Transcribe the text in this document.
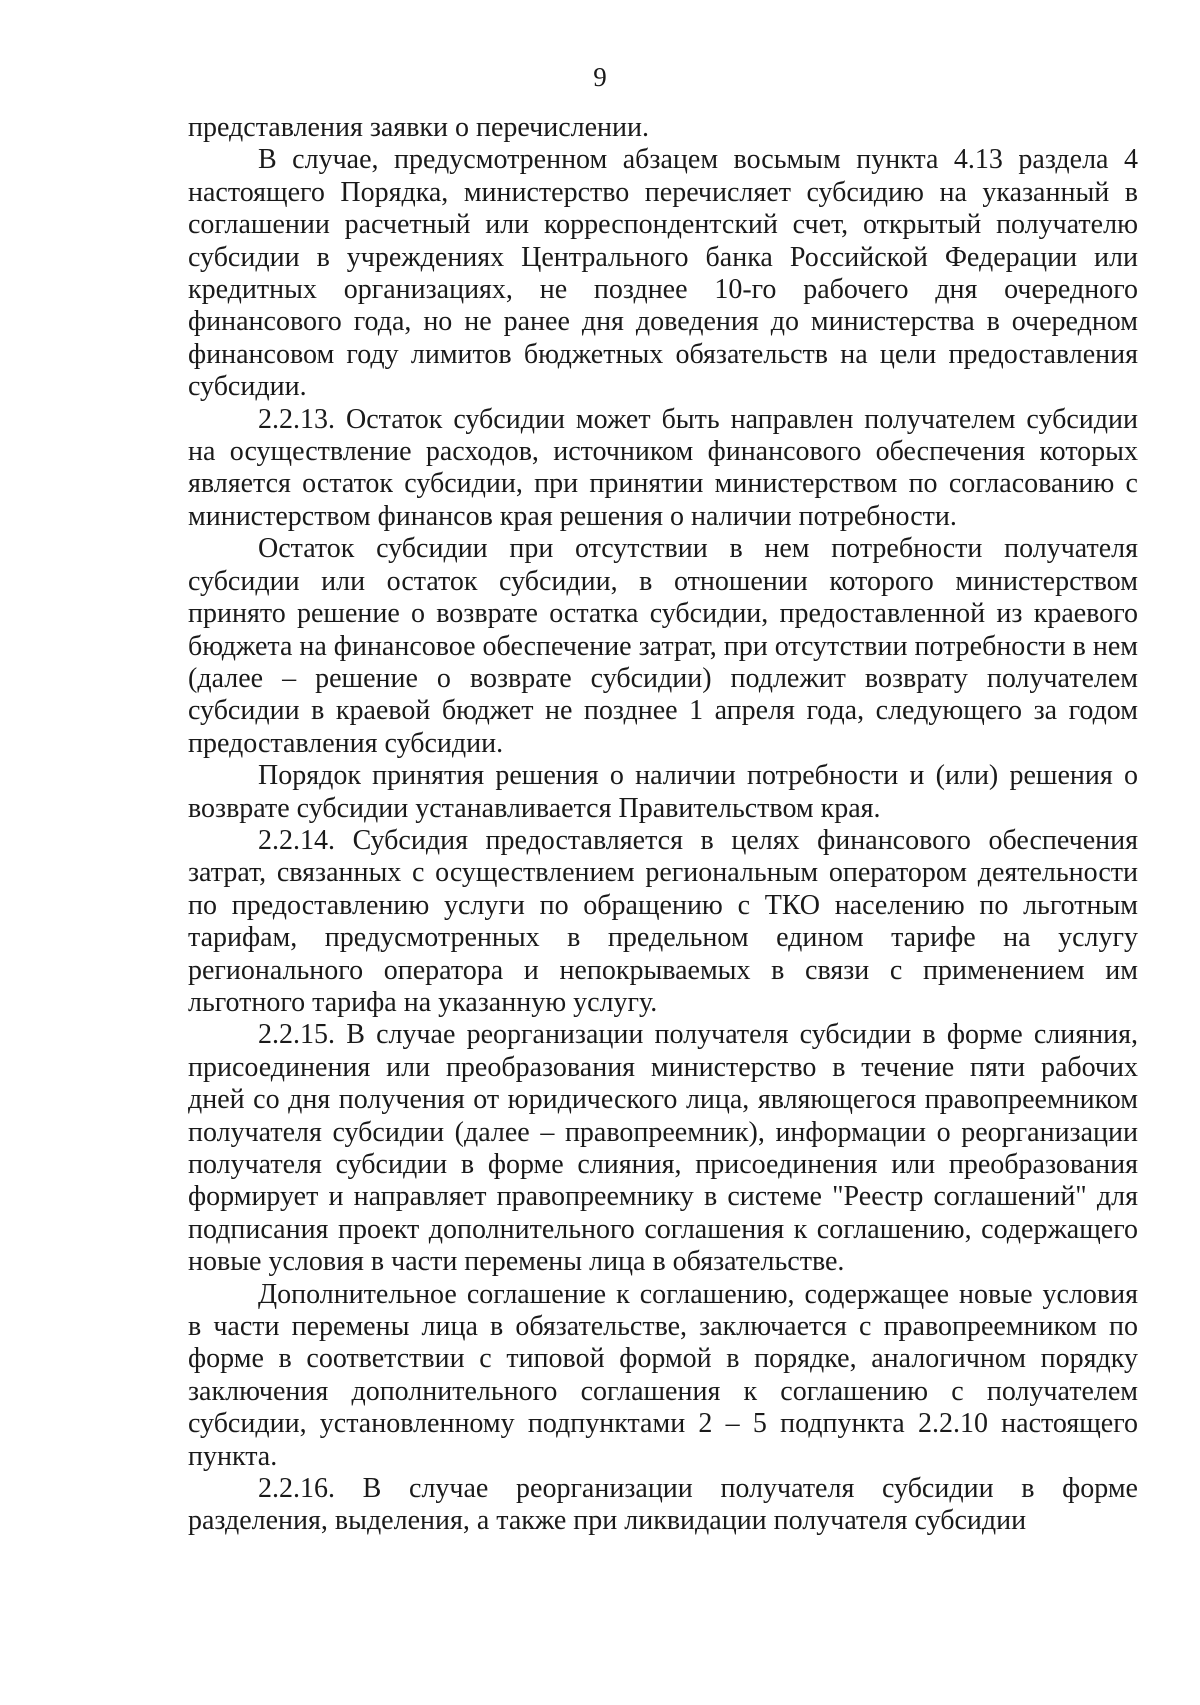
9

представления заявки о перечислении.

В случае, предусмотренном абзацем восьмым пункта 4.13 раздела 4 настоящего Порядка, министерство перечисляет субсидию на указанный в соглашении расчетный или корреспондентский счет, открытый получателю субсидии в учреждениях Центрального банка Российской Федерации или кредитных организациях, не позднее 10-го рабочего дня очередного финансового года, но не ранее дня доведения до министерства в очередном финансовом году лимитов бюджетных обязательств на цели предоставления субсидии.

2.2.13. Остаток субсидии может быть направлен получателем субсидии на осуществление расходов, источником финансового обеспечения которых является остаток субсидии, при принятии министерством по согласованию с министерством финансов края решения о наличии потребности.

Остаток субсидии при отсутствии в нем потребности получателя субсидии или остаток субсидии, в отношении которого министерством принято решение о возврате остатка субсидии, предоставленной из краевого бюджета на финансовое обеспечение затрат, при отсутствии потребности в нем (далее – решение о возврате субсидии) подлежит возврату получателем субсидии в краевой бюджет не позднее 1 апреля года, следующего за годом предоставления субсидии.

Порядок принятия решения о наличии потребности и (или) решения о возврате субсидии устанавливается Правительством края.

2.2.14. Субсидия предоставляется в целях финансового обеспечения затрат, связанных с осуществлением региональным оператором деятельности по предоставлению услуги по обращению с ТКО населению по льготным тарифам, предусмотренных в предельном едином тарифе на услугу регионального оператора и непокрываемых в связи с применением им льготного тарифа на указанную услугу.

2.2.15. В случае реорганизации получателя субсидии в форме слияния, присоединения или преобразования министерство в течение пяти рабочих дней со дня получения от юридического лица, являющегося правопреемником получателя субсидии (далее – правопреемник), информации о реорганизации получателя субсидии в форме слияния, присоединения или преобразования формирует и направляет правопреемнику в системе "Реестр соглашений" для подписания проект дополнительного соглашения к соглашению, содержащего новые условия в части перемены лица в обязательстве.

Дополнительное соглашение к соглашению, содержащее новые условия в части перемены лица в обязательстве, заключается с правопреемником по форме в соответствии с типовой формой в порядке, аналогичном порядку заключения дополнительного соглашения к соглашению с получателем субсидии, установленному подпунктами 2 – 5 подпункта 2.2.10 настоящего пункта.

2.2.16. В случае реорганизации получателя субсидии в форме разделения, выделения, а также при ликвидации получателя субсидии
